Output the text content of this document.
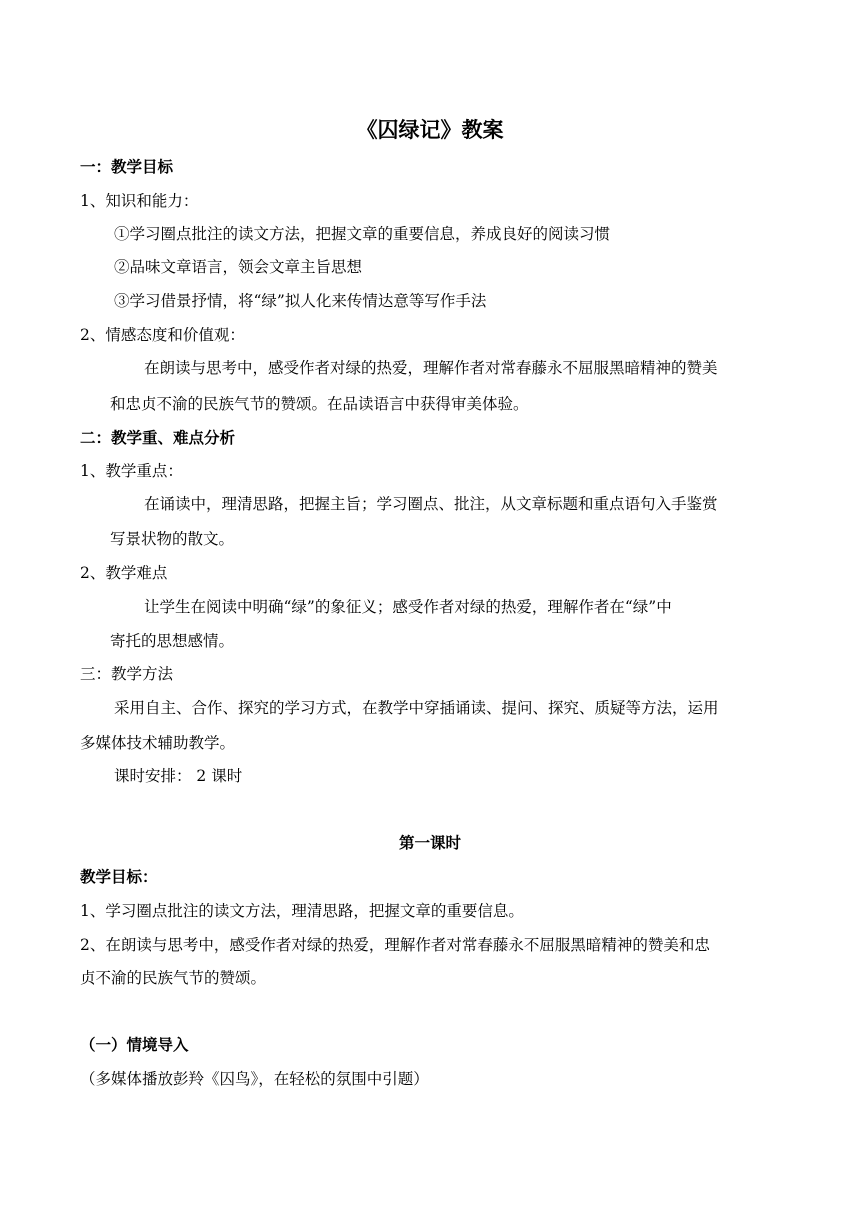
《囚绿记》教案
一：教学目标
1、知识和能力：
①学习圈点批注的读文方法，把握文章的重要信息，养成良好的阅读习惯
②品味文章语言，领会文章主旨思想
③学习借景抒情，将“绿”拟人化来传情达意等写作手法
2、情感态度和价值观：
在朗读与思考中，感受作者对绿的热爱，理解作者对常春藤永不屈服黑暗精神的赞美
和忠贞不渝的民族气节的赞颂。在品读语言中获得审美体验。
二：教学重、难点分析
1、教学重点：
在诵读中，理清思路，把握主旨；学习圈点、批注，从文章标题和重点语句入手鉴赏
写景状物的散文。
2、教学难点
让学生在阅读中明确“绿”的象征义；感受作者对绿的热爱，理解作者在“绿”中
寄托的思想感情。
三：教学方法
采用自主、合作、探究的学习方式，在教学中穿插诵读、提问、探究、质疑等方法，运用
多媒体技术辅助教学。
课时安排： 2 课时
第一课时
教学目标：
1、学习圈点批注的读文方法，理清思路，把握文章的重要信息。
2、在朗读与思考中，感受作者对绿的热爱，理解作者对常春藤永不屈服黑暗精神的赞美和忠
贞不渝的民族气节的赞颂。
（一）情境导入
（多媒体播放彭羚《囚鸟》，在轻松的氛围中引题）
